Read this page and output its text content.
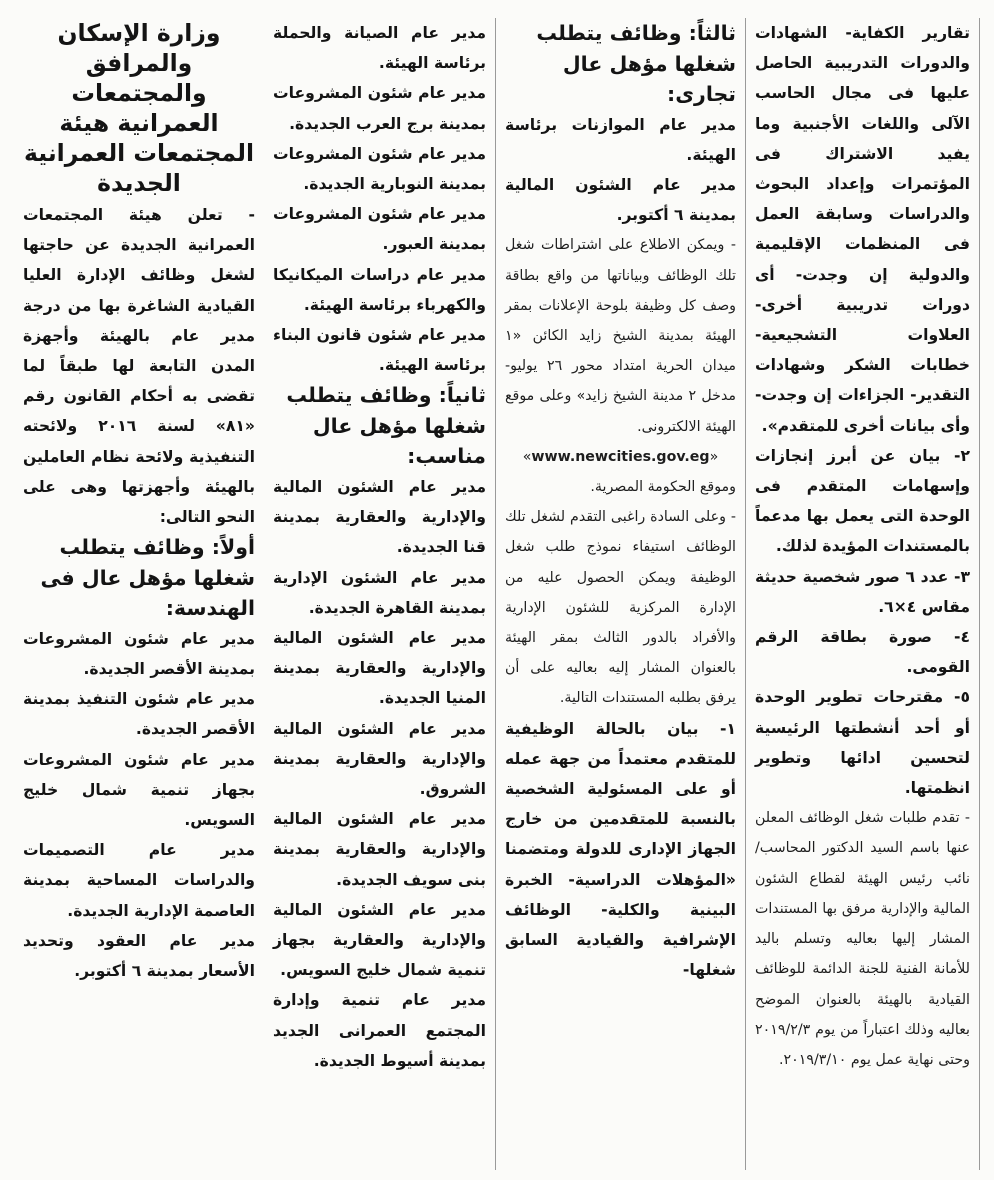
وزارة الإسكان والمرافق والمجتمعات العمرانية هيئة المجتمعات العمرانية الجديدة

- تعلن هيئة المجتمعات العمرانية الجديدة عن حاجتها لشغل وظائف الإدارة العليا القيادية الشاغرة بها من درجة مدير عام بالهيئة وأجهزة المدن التابعة لها طبقاً لما تقضى به أحكام القانون رقم «٨١» لسنة ٢٠١٦ ولائحته التنفيذية ولائحة نظام العاملين بالهيئة وأجهزتها وهى على النحو التالى:

أولاً: وظائف يتطلب شغلها مؤهل عال فى الهندسة:

مدير عام شئون المشروعات بمدينة الأقصر الجديدة.

مدير عام شئون التنفيذ بمدينة الأقصر الجديدة.

مدير عام شئون المشروعات بجهاز تنمية شمال خليج السويس.

مدير عام التصميمات والدراسات المساحية بمدينة العاصمة الإدارية الجديدة.

مدير عام العقود وتحديد الأسعار بمدينة ٦ أكتوبر.

مدير عام الصيانة والحملة برئاسة الهيئة.

مدير عام شئون المشروعات بمدينة برج العرب الجديدة.

مدير عام شئون المشروعات بمدينة النوبارية الجديدة.

مدير عام شئون المشروعات بمدينة العبور.

مدير عام دراسات الميكانيكا والكهرباء برئاسة الهيئة.

مدير عام شئون قانون البناء برئاسة الهيئة.

ثانياً: وظائف يتطلب شغلها مؤهل عال مناسب:

مدير عام الشئون المالية والإدارية والعقارية بمدينة قنا الجديدة.

مدير عام الشئون الإدارية بمدينة القاهرة الجديدة.

مدير عام الشئون المالية والإدارية والعقارية بمدينة المنيا الجديدة.

مدير عام الشئون المالية والإدارية والعقارية بمدينة الشروق.

مدير عام الشئون المالية والإدارية والعقارية بمدينة بنى سويف الجديدة.

مدير عام الشئون المالية والإدارية والعقارية بجهاز تنمية شمال خليج السويس.

مدير عام تنمية وإدارة المجتمع العمرانى الجديد بمدينة أسيوط الجديدة.

ثالثاً: وظائف يتطلب شغلها مؤهل عال تجارى:

مدير عام الموازنات برئاسة الهيئة.

مدير عام الشئون المالية بمدينة ٦ أكتوبر.

- ويمكن الاطلاع على اشتراطات شغل تلك الوظائف وبياناتها من واقع بطاقة وصف كل وظيفة بلوحة الإعلانات بمقر الهيئة بمدينة الشيخ زايد الكائن «١ ميدان الحرية امتداد محور ٢٦ يوليو- مدخل ٢ مدينة الشيخ زايد» وعلى موقع الهيئة الالكترونى.

«www.newcities.gov.eg»

وموقع الحكومة المصرية.

- وعلى السادة راغبى التقدم لشغل تلك الوظائف استيفاء نموذج طلب شغل الوظيفة ويمكن الحصول عليه من الإدارة المركزية للشئون الإدارية والأفراد بالدور الثالث بمقر الهيئة بالعنوان المشار إليه بعاليه على أن يرفق بطلبه المستندات التالية.

١- بيان بالحالة الوظيفية للمتقدم معتمداً من جهة عمله أو على المسئولية الشخصية بالنسبة للمتقدمين من خارج الجهاز الإدارى للدولة ومتضمنا «المؤهلات الدراسية- الخبرة البينية والكلية- الوظائف الإشرافية والقيادية السابق شغلها-

تقارير الكفاية- الشهادات والدورات التدريبية الحاصل عليها فى مجال الحاسب الآلى واللغات الأجنبية وما يفيد الاشتراك فى المؤتمرات وإعداد البحوث والدراسات وسابقة العمل فى المنظمات الإقليمية والدولية إن وجدت- أى دورات تدريبية أخرى- العلاوات التشجيعية- خطابات الشكر وشهادات التقدير- الجزاءات إن وجدت- وأى بيانات أخرى للمتقدم».

٢- بيان عن أبرز إنجازات وإسهامات المتقدم فى الوحدة التى يعمل بها مدعماً بالمستندات المؤيدة لذلك.

٣- عدد ٦ صور شخصية حديثة مقاس ٤×٦.

٤- صورة بطاقة الرقم القومى.

٥- مقترحات تطوير الوحدة أو أحد أنشطتها الرئيسية لتحسين ادائها وتطوير انظمتها.

- تقدم طلبات شغل الوظائف المعلن عنها باسم السيد الدكتور المحاسب/ نائب رئيس الهيئة لقطاع الشئون المالية والإدارية مرفق بها المستندات المشار إليها بعاليه وتسلم باليد للأمانة الفنية للجنة الدائمة للوظائف القيادية بالهيئة بالعنوان الموضح بعاليه وذلك اعتباراً من يوم ٢٠١٩/٢/٣ وحتى نهاية عمل يوم ٢٠١٩/٣/١٠.
